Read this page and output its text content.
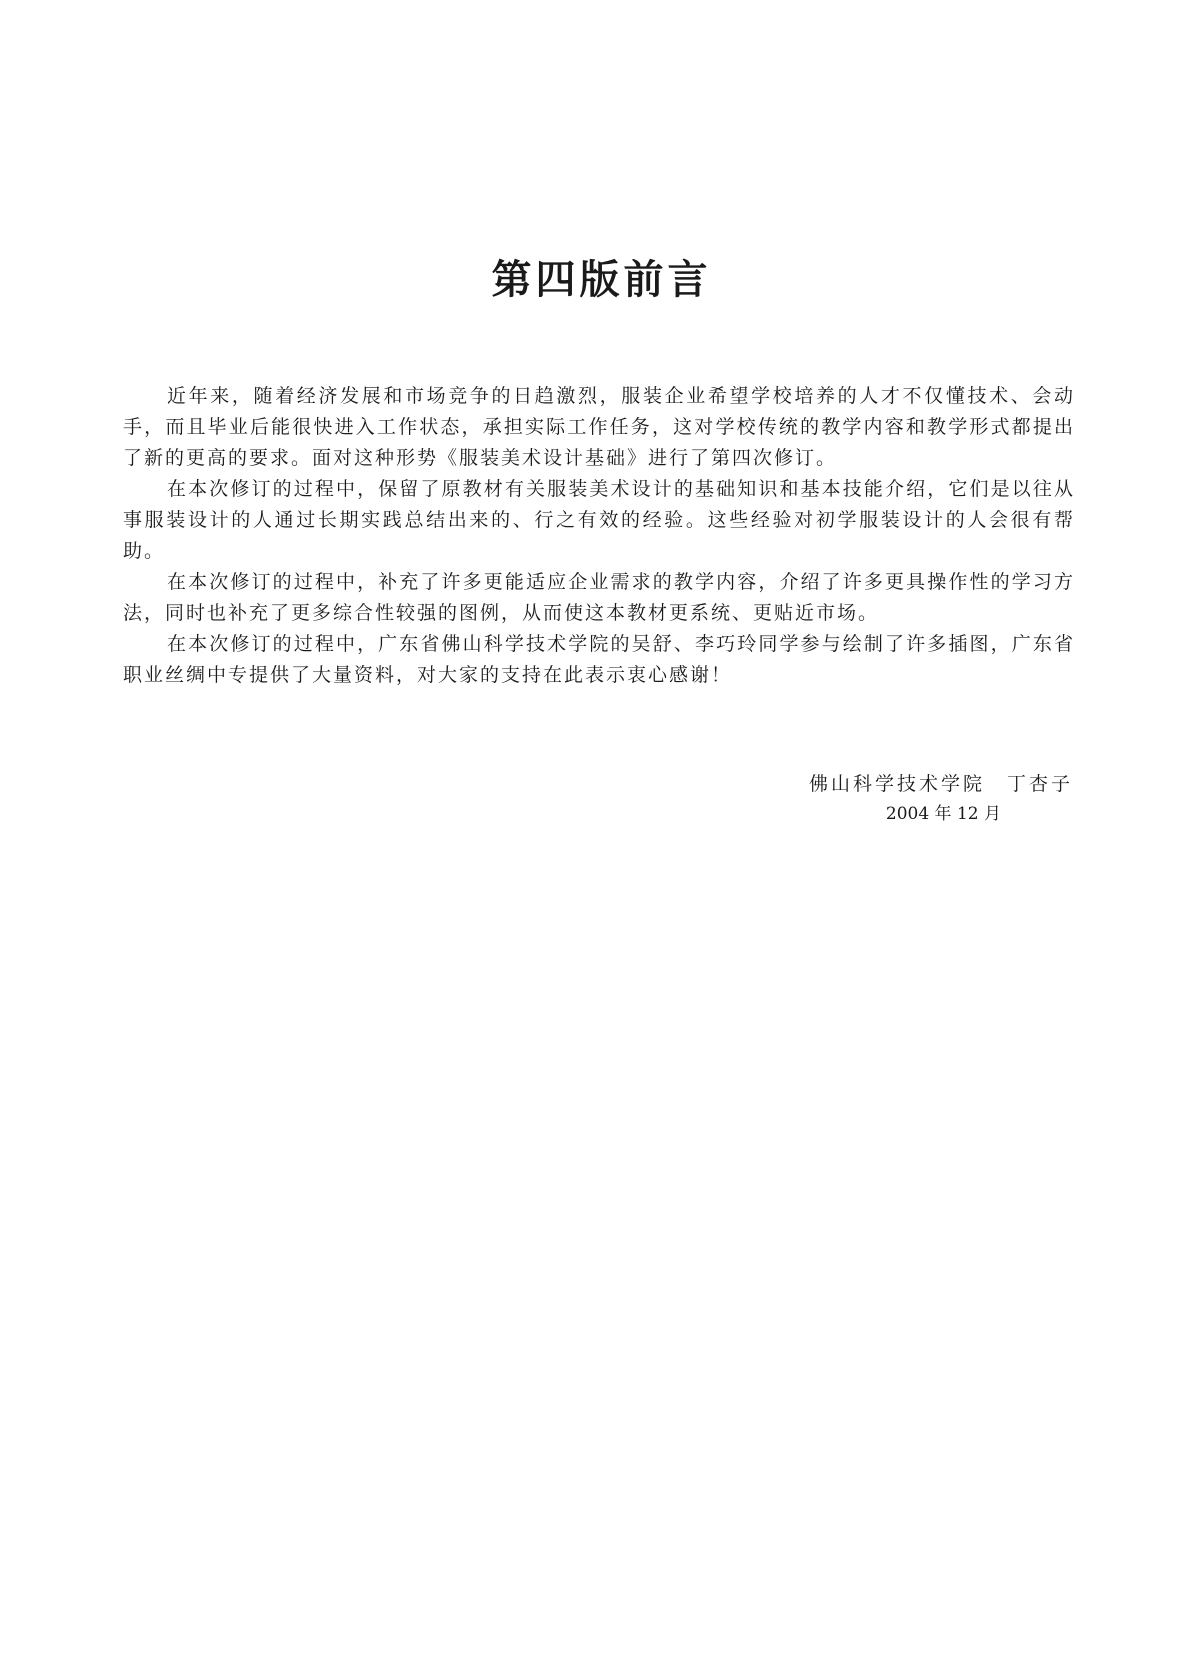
第四版前言

近年来，随着经济发展和市场竞争的日趋激烈，服装企业希望学校培养的人才不仅懂技术、会动手，而且毕业后能很快进入工作状态，承担实际工作任务，这对学校传统的教学内容和教学形式都提出了新的更高的要求。面对这种形势《服装美术设计基础》进行了第四次修订。

在本次修订的过程中，保留了原教材有关服装美术设计的基础知识和基本技能介绍，它们是以往从事服装设计的人通过长期实践总结出来的、行之有效的经验。这些经验对初学服装设计的人会很有帮助。

在本次修订的过程中，补充了许多更能适应企业需求的教学内容，介绍了许多更具操作性的学习方法，同时也补充了更多综合性较强的图例，从而使这本教材更系统、更贴近市场。

在本次修订的过程中，广东省佛山科学技术学院的吴舒、李巧玲同学参与绘制了许多插图，广东省职业丝绸中专提供了大量资料，对大家的支持在此表示衷心感谢！

佛山科学技术学院　丁杏子
2004 年 12 月
